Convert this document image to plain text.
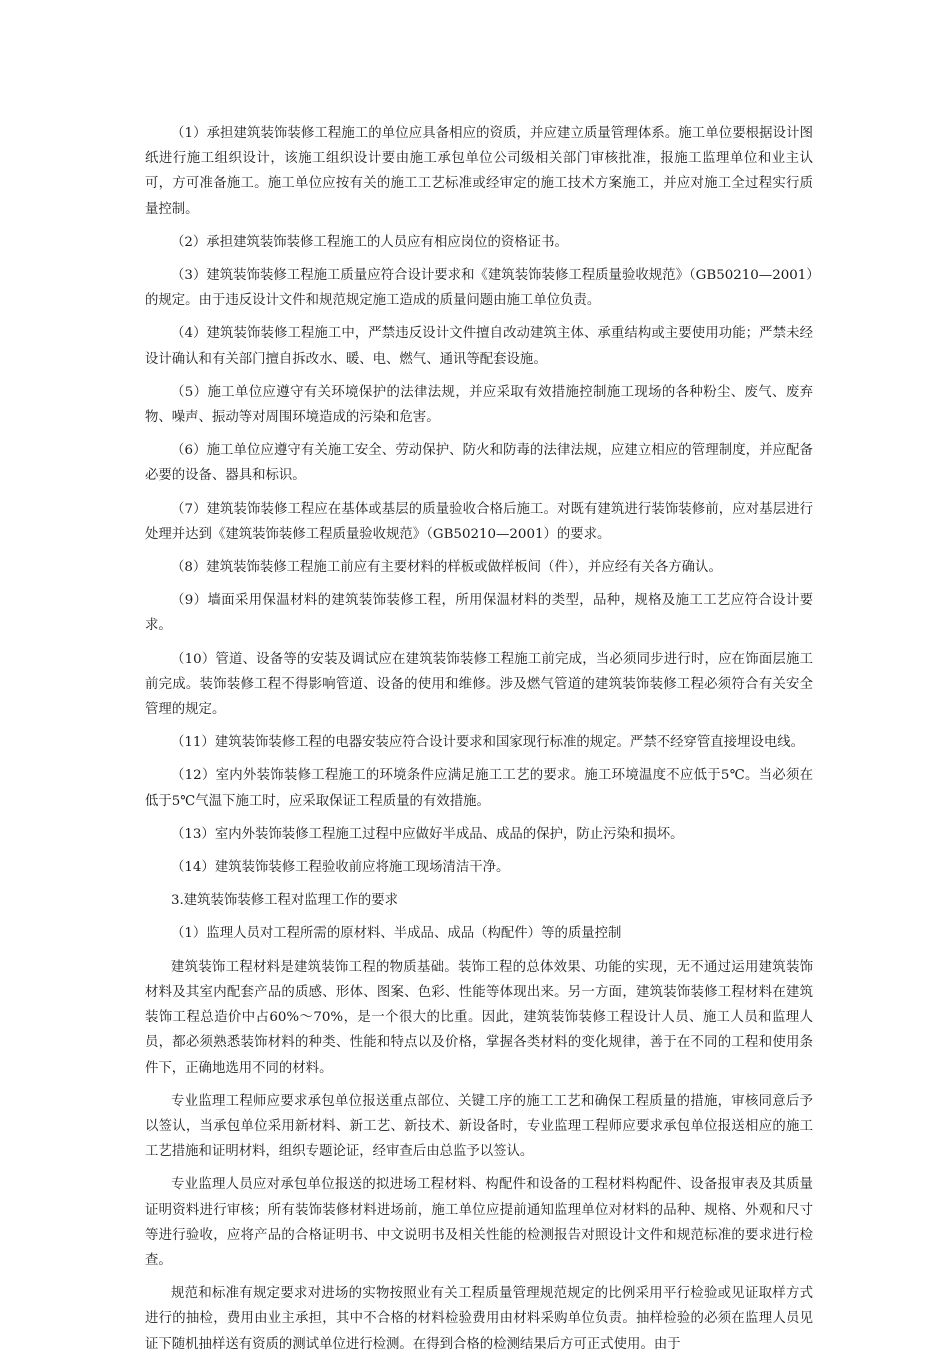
（1）承担建筑装饰装修工程施工的单位应具备相应的资质，并应建立质量管理体系。施工单位要根据设计图纸进行施工组织设计，该施工组织设计要由施工承包单位公司级相关部门审核批准，报施工监理单位和业主认可，方可准备施工。施工单位应按有关的施工工艺标准或经审定的施工技术方案施工，并应对施工全过程实行质量控制。

（2）承担建筑装饰装修工程施工的人员应有相应岗位的资格证书。

（3）建筑装饰装修工程施工质量应符合设计要求和《建筑装饰装修工程质量验收规范》（GB50210—2001）的规定。由于违反设计文件和规范规定施工造成的质量问题由施工单位负责。

（4）建筑装饰装修工程施工中，严禁违反设计文件擅自改动建筑主体、承重结构或主要使用功能；严禁未经设计确认和有关部门擅自拆改水、暖、电、燃气、通讯等配套设施。

（5）施工单位应遵守有关环境保护的法律法规，并应采取有效措施控制施工现场的各种粉尘、废气、废弃物、噪声、振动等对周围环境造成的污染和危害。

（6）施工单位应遵守有关施工安全、劳动保护、防火和防毒的法律法规，应建立相应的管理制度，并应配备必要的设备、器具和标识。

（7）建筑装饰装修工程应在基体或基层的质量验收合格后施工。对既有建筑进行装饰装修前，应对基层进行处理并达到《建筑装饰装修工程质量验收规范》（GB50210—2001）的要求。

（8）建筑装饰装修工程施工前应有主要材料的样板或做样板间（件），并应经有关各方确认。

（9）墙面采用保温材料的建筑装饰装修工程，所用保温材料的类型，品种，规格及施工工艺应符合设计要求。

（10）管道、设备等的安装及调试应在建筑装饰装修工程施工前完成，当必须同步进行时，应在饰面层施工前完成。装饰装修工程不得影响管道、设备的使用和维修。涉及燃气管道的建筑装饰装修工程必须符合有关安全管理的规定。

（11）建筑装饰装修工程的电器安装应符合设计要求和国家现行标准的规定。严禁不经穿管直接埋设电线。

（12）室内外装饰装修工程施工的环境条件应满足施工工艺的要求。施工环境温度不应低于5℃。当必须在低于5℃气温下施工时，应采取保证工程质量的有效措施。

（13）室内外装饰装修工程施工过程中应做好半成品、成品的保护，防止污染和损坏。

（14）建筑装饰装修工程验收前应将施工现场清洁干净。

3.建筑装饰装修工程对监理工作的要求

（1）监理人员对工程所需的原材料、半成品、成品（构配件）等的质量控制

建筑装饰工程材料是建筑装饰工程的物质基础。装饰工程的总体效果、功能的实现，无不通过运用建筑装饰材料及其室内配套产品的质感、形体、图案、色彩、性能等体现出来。另一方面，建筑装饰装修工程材料在建筑装饰工程总造价中占60%～70%，是一个很大的比重。因此，建筑装饰装修工程设计人员、施工人员和监理人员，都必须熟悉装饰材料的种类、性能和特点以及价格，掌握各类材料的变化规律，善于在不同的工程和使用条件下，正确地选用不同的材料。

专业监理工程师应要求承包单位报送重点部位、关键工序的施工工艺和确保工程质量的措施，审核同意后予以签认，当承包单位采用新材料、新工艺、新技术、新设备时，专业监理工程师应要求承包单位报送相应的施工工艺措施和证明材料，组织专题论证，经审查后由总监予以签认。

专业监理人员应对承包单位报送的拟进场工程材料、构配件和设备的工程材料构配件、设备报审表及其质量证明资料进行审核；所有装饰装修材料进场前，施工单位应提前通知监理单位对材料的品种、规格、外观和尺寸等进行验收，应将产品的合格证明书、中文说明书及相关性能的检测报告对照设计文件和规范标准的要求进行检查。

规范和标准有规定要求对进场的实物按照业有关工程质量管理规范规定的比例采用平行检验或见证取样方式进行的抽检，费用由业主承担，其中不合格的材料检验费用由材料采购单位负责。抽样检验的必须在监理人员见证下随机抽样送有资质的测试单位进行检测。在得到合格的检测结果后方可正式使用。由于
